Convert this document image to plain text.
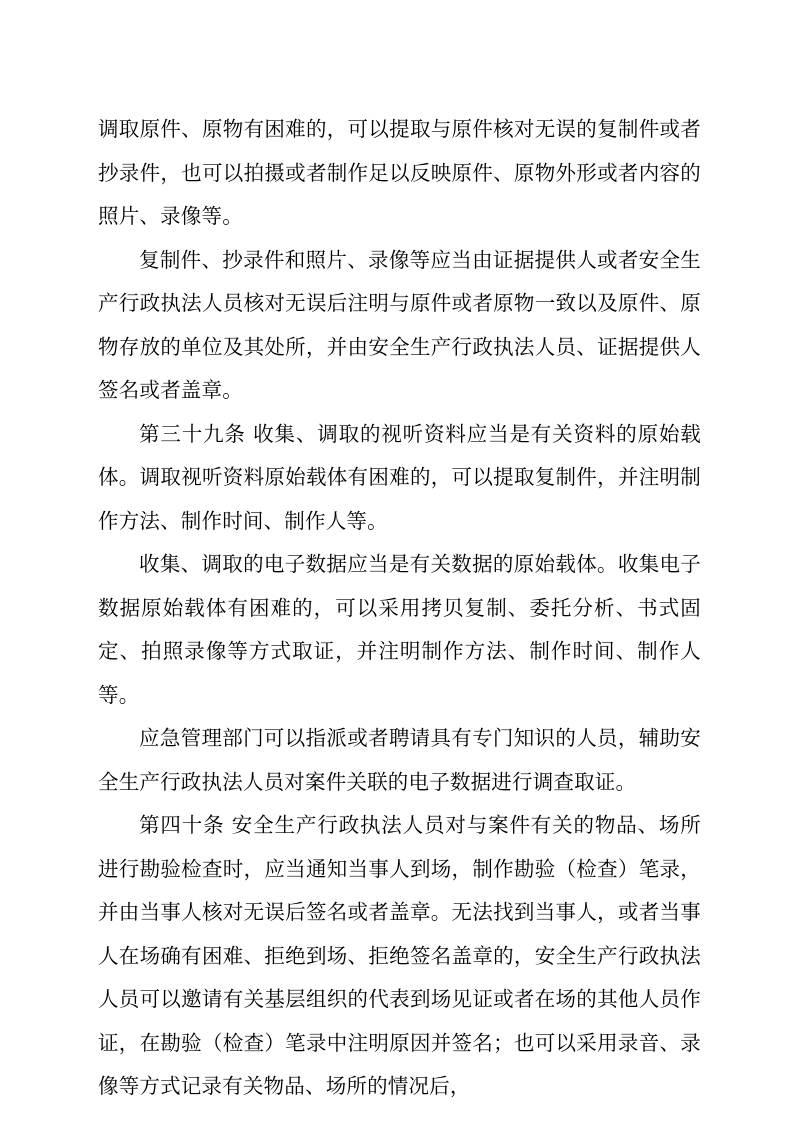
调取原件、原物有困难的，可以提取与原件核对无误的复制件或者抄录件，也可以拍摄或者制作足以反映原件、原物外形或者内容的照片、录像等。

复制件、抄录件和照片、录像等应当由证据提供人或者安全生产行政执法人员核对无误后注明与原件或者原物一致以及原件、原物存放的单位及其处所，并由安全生产行政执法人员、证据提供人签名或者盖章。

第三十九条 收集、调取的视听资料应当是有关资料的原始载体。调取视听资料原始载体有困难的，可以提取复制件，并注明制作方法、制作时间、制作人等。

收集、调取的电子数据应当是有关数据的原始载体。收集电子数据原始载体有困难的，可以采用拷贝复制、委托分析、书式固定、拍照录像等方式取证，并注明制作方法、制作时间、制作人等。

应急管理部门可以指派或者聘请具有专门知识的人员，辅助安全生产行政执法人员对案件关联的电子数据进行调查取证。

第四十条 安全生产行政执法人员对与案件有关的物品、场所进行勘验检查时，应当通知当事人到场，制作勘验（检查）笔录，并由当事人核对无误后签名或者盖章。无法找到当事人，或者当事人在场确有困难、拒绝到场、拒绝签名盖章的，安全生产行政执法人员可以邀请有关基层组织的代表到场见证或者在场的其他人员作证，在勘验（检查）笔录中注明原因并签名；也可以采用录音、录像等方式记录有关物品、场所的情况后，
